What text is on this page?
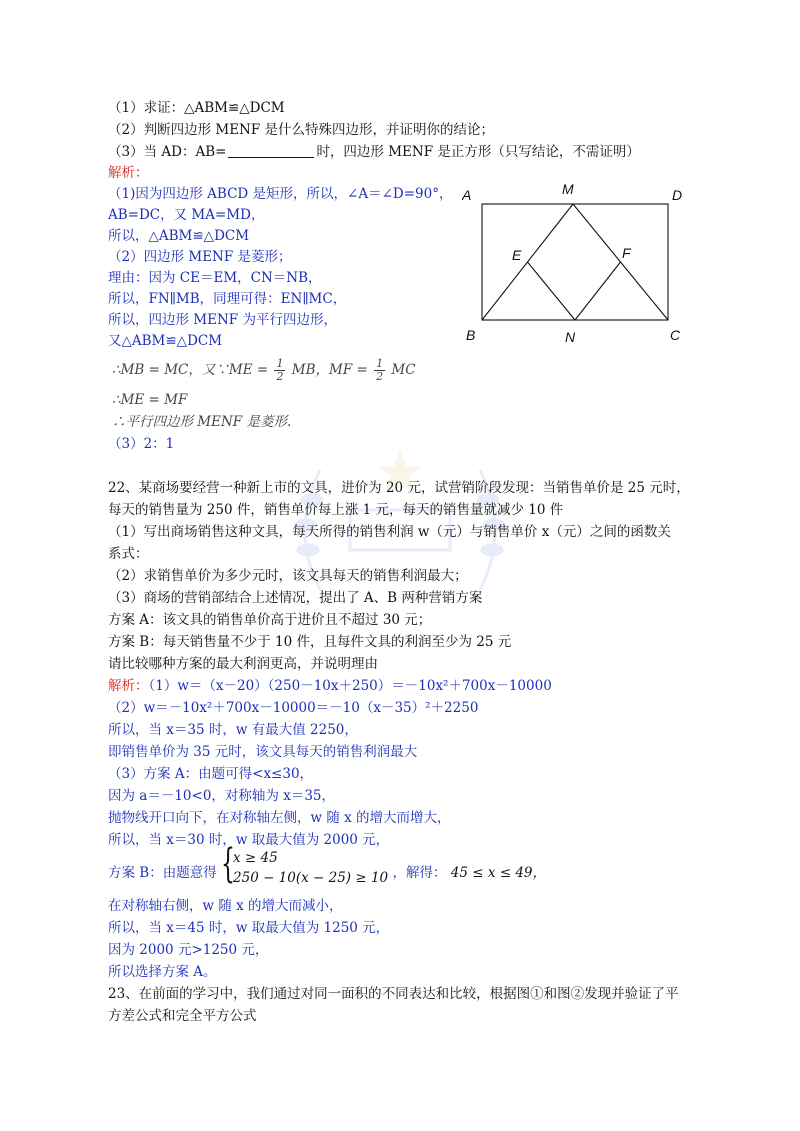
（1）求证：△ABM≌△DCM
（2）判断四边形 MENF 是什么特殊四边形，并证明你的结论；
（3）当 AD：AB=	时，四边形 MENF 是正方形（只写结论，不需证明）
解析：
（1)因为四边形 ABCD 是矩形，所以，∠A＝∠D=90°，
AB=DC，又 MA=MD，
所以，△ABM≌△DCM
（2）四边形 MENF 是菱形；
理由：因为 CE＝EM，CN＝NB，
所以，FN∥MB，同理可得：EN∥MC，
所以，四边形 MENF 为平行四边形，
又△ABM≌△DCM
∴MB = MC，又∵ME = $\frac{1}{2}$ MB，MF = $\frac{1}{2}$ MC
∴ME = MF
∴平行四边形 MENF 是菱形.
（3）2：1
A	M	D
E	F
B	N	C
22、某商场要经营一种新上市的文具，进价为 20 元，试营销阶段发现：当销售单价是 25 元时，
每天的销售量为 250 件，销售单价每上涨 1 元，每天的销售量就减少 10 件
（1）写出商场销售这种文具，每天所得的销售利润 w（元）与销售单价 x（元）之间的函数关
系式：
（2）求销售单价为多少元时，该文具每天的销售利润最大；
（3）商场的营销部结合上述情况，提出了 A、B 两种营销方案
方案 A：该文具的销售单价高于进价且不超过 30 元；
方案 B：每天销售量不少于 10 件，且每件文具的利润至少为 25 元
请比较哪种方案的最大利润更高，并说明理由
解析：（1）w＝（x－20）（250－10x＋250）＝－10x²＋700x－10000
（2）w＝－10x²＋700x－10000＝－10（x－35）²＋2250
所以，当 x＝35 时，w 有最大值 2250，
即销售单价为 35 元时，该文具每天的销售利润最大
（3）方案 A：由题可得<x≤30，
因为 a＝－10<0，对称轴为 x＝35，
抛物线开口向下，在对称轴左侧，w 随 x 的增大而增大，
所以，当 x＝30 时，w 取最大值为 2000 元，
方案 B：由题意得 {
x ≥ 45
250 − 10(x − 25) ≥ 10 ，解得： 45 ≤ x ≤ 49，
在对称轴右侧，w 随 x 的增大而减小，
所以，当 x＝45 时，w 取最大值为 1250 元，
因为 2000 元>1250 元，
所以选择方案 A。
23、在前面的学习中，我们通过对同一面积的不同表达和比较，根据图①和图②发现并验证了平
方差公式和完全平方公式
